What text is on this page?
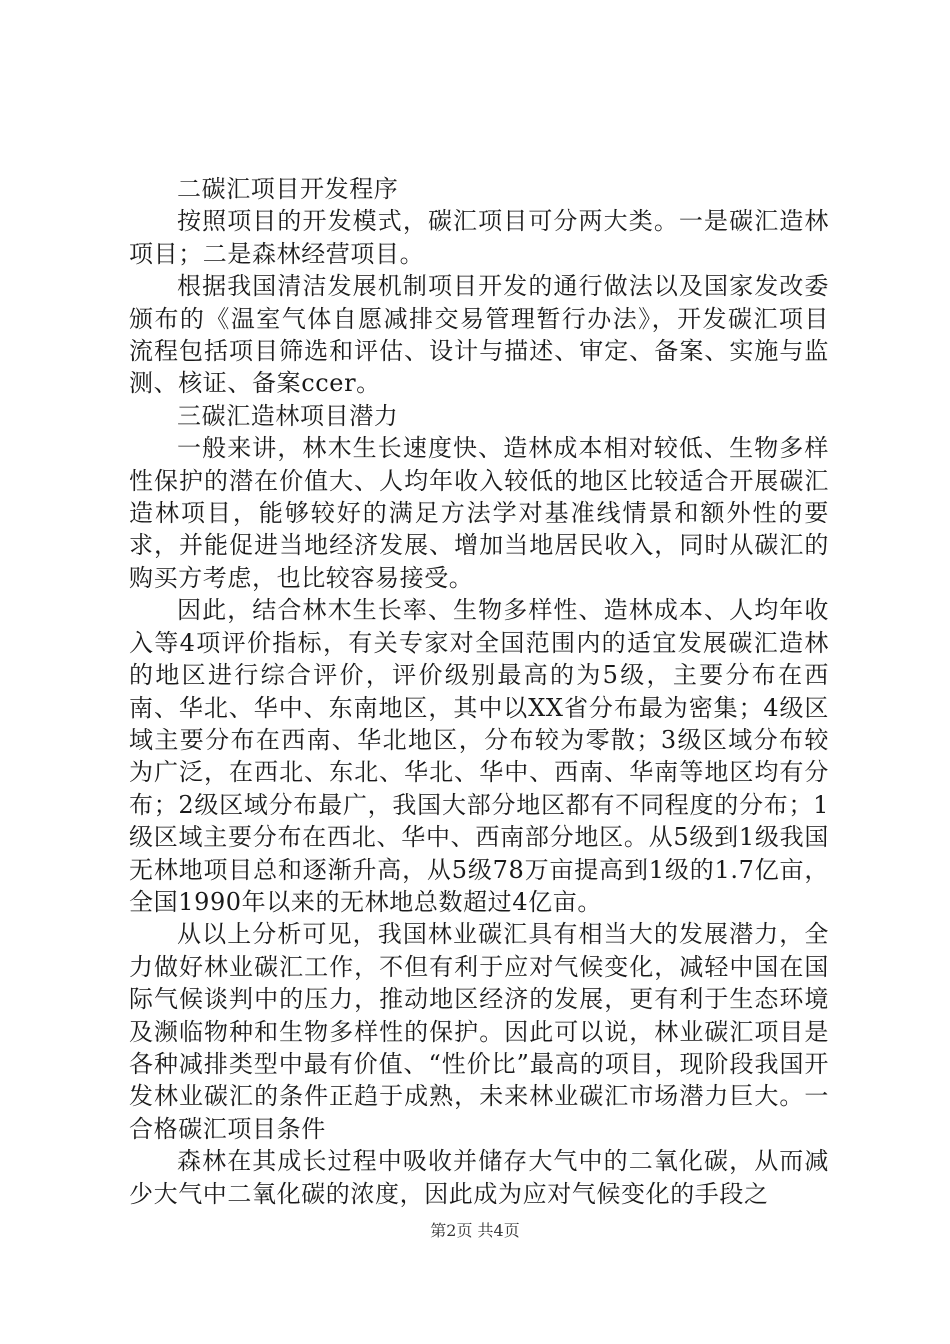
二碳汇项目开发程序

按照项目的开发模式，碳汇项目可分两大类。一是碳汇造林项目；二是森林经营项目。

根据我国清洁发展机制项目开发的通行做法以及国家发改委颁布的《温室气体自愿减排交易管理暂行办法》，开发碳汇项目流程包括项目筛选和评估、设计与描述、审定、备案、实施与监测、核证、备案ccer。

三碳汇造林项目潜力

一般来讲，林木生长速度快、造林成本相对较低、生物多样性保护的潜在价值大、人均年收入较低的地区比较适合开展碳汇造林项目，能够较好的满足方法学对基准线情景和额外性的要求，并能促进当地经济发展、增加当地居民收入，同时从碳汇的购买方考虑，也比较容易接受。

因此，结合林木生长率、生物多样性、造林成本、人均年收入等4项评价指标，有关专家对全国范围内的适宜发展碳汇造林的地区进行综合评价，评价级别最高的为5级，主要分布在西南、华北、华中、东南地区，其中以XX省分布最为密集；4级区域主要分布在西南、华北地区，分布较为零散；3级区域分布较为广泛，在西北、东北、华北、华中、西南、华南等地区均有分布；2级区域分布最广，我国大部分地区都有不同程度的分布；1级区域主要分布在西北、华中、西南部分地区。从5级到1级我国无林地项目总和逐渐升高，从5级78万亩提高到1级的1.7亿亩，全国1990年以来的无林地总数超过4亿亩。

从以上分析可见，我国林业碳汇具有相当大的发展潜力，全力做好林业碳汇工作，不但有利于应对气候变化，减轻中国在国际气候谈判中的压力，推动地区经济的发展，更有利于生态环境及濒临物种和生物多样性的保护。因此可以说，林业碳汇项目是各种减排类型中最有价值、“性价比”最高的项目，现阶段我国开发林业碳汇的条件正趋于成熟，未来林业碳汇市场潜力巨大。一合格碳汇项目条件

森林在其成长过程中吸收并储存大气中的二氧化碳，从而减少大气中二氧化碳的浓度，因此成为应对气候变化的手段之

第2页 共4页
